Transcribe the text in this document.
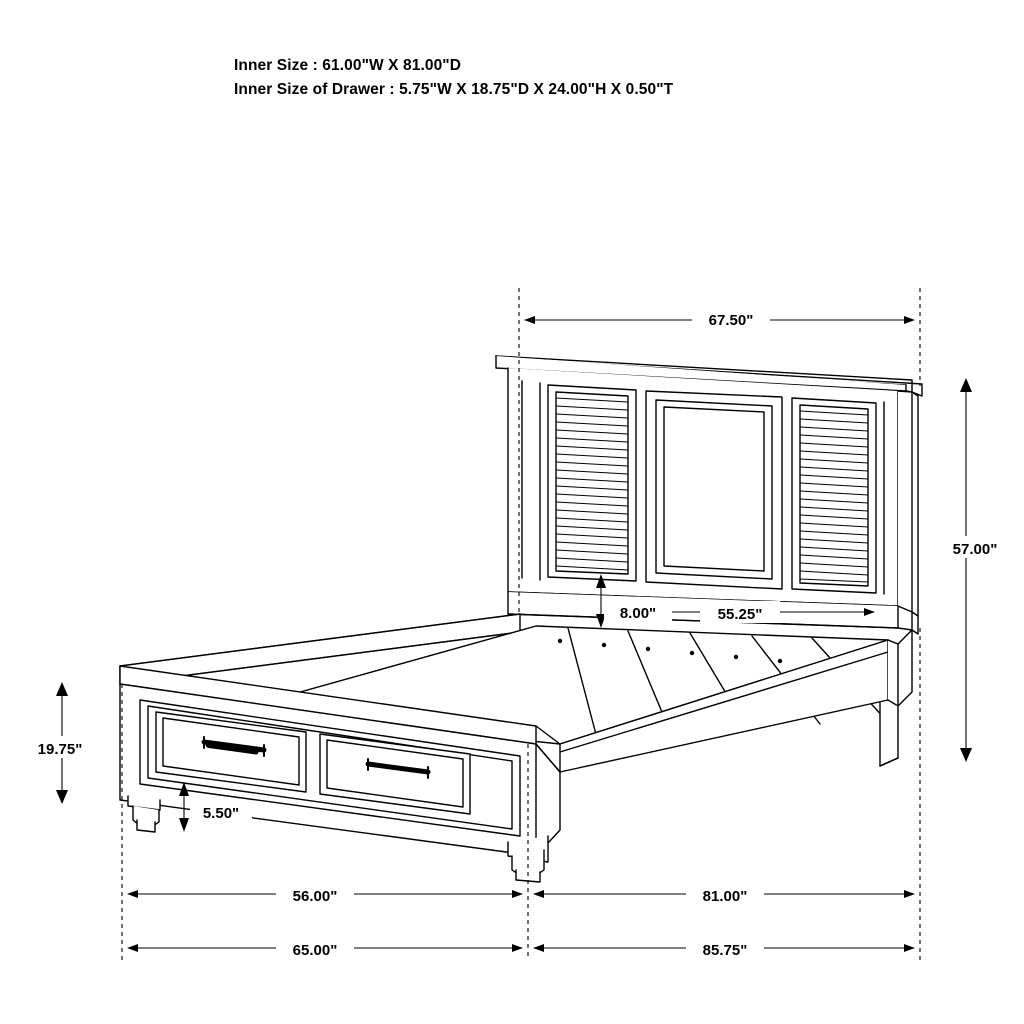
Inner Size : 61.00"W X 81.00"D
Inner Size of Drawer : 5.75"W X 18.75"D X 24.00"H X 0.50"T
67.50"
57.00"
8.00"	55.25"
19.75"
5.50"
56.00"	81.00"
65.00"	85.75"
